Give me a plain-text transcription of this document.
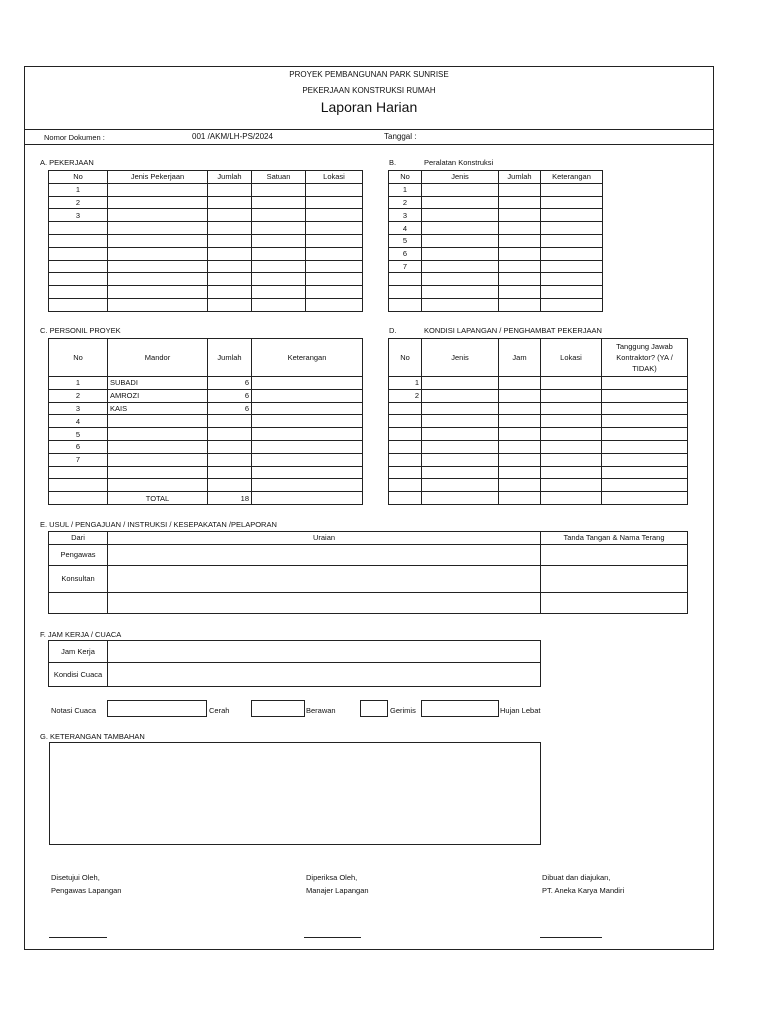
PROYEK PEMBANGUNAN PARK SUNRISE
PEKERJAAN KONSTRUKSI RUMAH
Laporan Harian
Nomor Dokumen :	001 /AKM/LH-PS/2024	Tanggal :
A. PEKERJAAN
No	Jenis Pekerjaan	Jumlah	Satuan	Lokasi
1				
2				
3				

B.	Peralatan Konstruksi
No	Jenis	Jumlah	Keterangan
1			
2			
3			
4			
5			
6			
7			

C. PERSONIL PROYEK
No	Mandor	Jumlah	Keterangan
1	SUBADI	6	
2	AMROZI	6	
3	KAIS	6	
4			
5			
6			
7			

	TOTAL	18	
D.	KONDISI LAPANGAN / PENGHAMBAT PEKERJAAN
No	Jenis	Jam	Lokasi	Tanggung Jawab Kontraktor? (YA / TIDAK)
1				
2				

E. USUL / PENGAJUAN / INSTRUKSI / KESEPAKATAN /PELAPORAN
Dari	Uraian	Tanda Tangan & Nama Terang
Pengawas		
Konsultan		

F. JAM KERJA / CUACA
Jam Kerja	
Kondisi Cuaca	
Notasi Cuaca	Cerah	Berawan	Gerimis	Hujan Lebat
G. KETERANGAN TAMBAHAN
Disetujui Oleh,
Pengawas Lapangan
Diperiksa Oleh,
Manajer Lapangan
Dibuat dan diajukan,
PT. Aneka Karya Mandiri
